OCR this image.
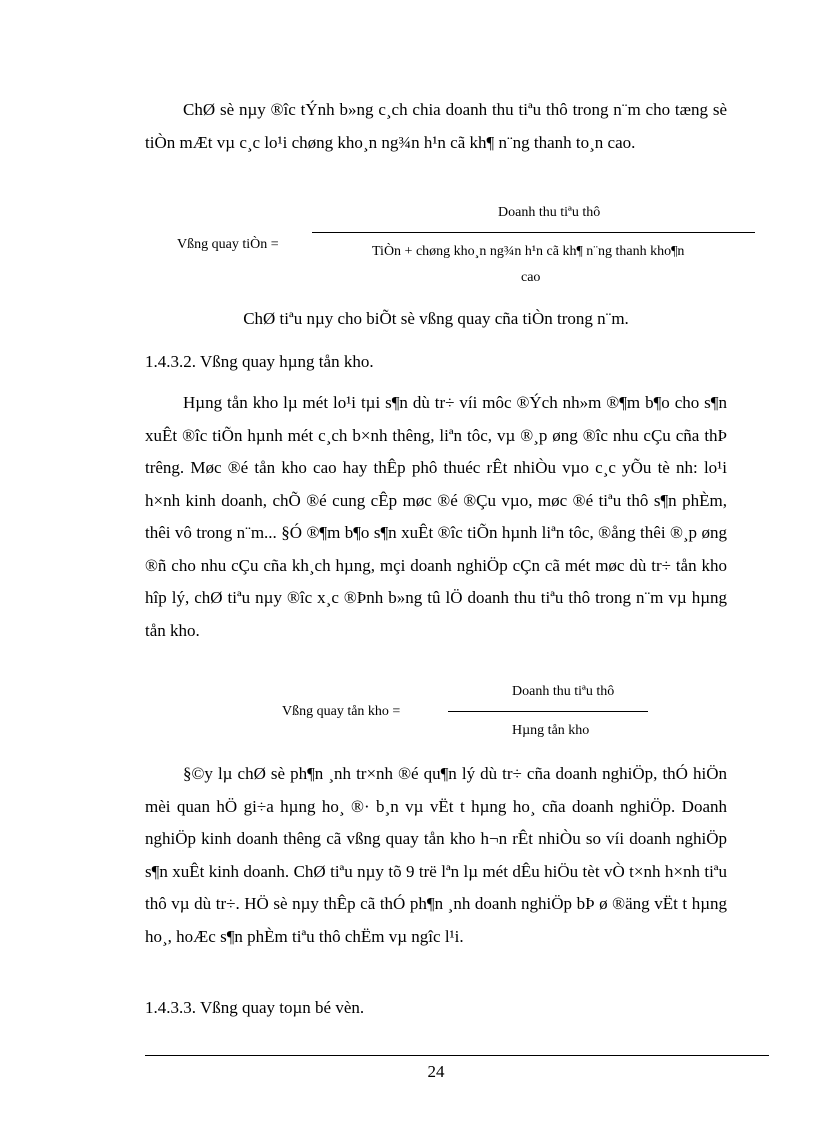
ChØ sè nµy ®îc tÝnh b»ng c¸ch chia doanh thu tiªu thô trong n¨m cho tæng sè tiÒn mÆt vµ c¸c lo¹i chøng kho¸n ng¾n h¹n cã kh¶ n¨ng thanh to¸n cao.

Doanh thu tiªu thô

Vßng quay tiÒn =	TiÒn + chøng kho¸n ng¾n h¹n cã kh¶ n¨ng thanh kho¶n

cao

ChØ tiªu nµy cho biÕt sè vßng quay cña tiÒn trong n¨m.

1.4.3.2. Vßng quay hµng tån kho.

Hµng tån kho lµ mét lo¹i tµi s¶n dù tr÷ víi môc ®Ých nh»m ®¶m b¶o cho s¶n xuÊt ®îc tiÕn hµnh mét c¸ch b×nh thêng, liªn tôc, vµ ®¸p øng ®îc nhu cÇu cña thÞ trêng. Møc ®é tån kho cao hay thÊp phô thuéc rÊt nhiÒu vµo c¸c yÕu tè nh: lo¹i h×nh kinh doanh, chÕ ®é cung cÊp møc ®é ®Çu vµo, møc ®é tiªu thô s¶n phÈm, thêi vô trong n¨m... §Ó ®¶m b¶o s¶n xuÊt ®îc tiÕn hµnh liªn tôc, ®ång thêi ®¸p øng ®ñ cho nhu cÇu cña kh¸ch hµng, mçi doanh nghiÖp cÇn cã mét møc dù tr÷ tån kho hîp lý, chØ tiªu nµy ®îc x¸c ®Þnh b»ng tû lÖ doanh thu tiªu thô trong n¨m vµ hµng tån kho.

Doanh thu tiªu thô

Vßng quay tån kho =

Hµng tån kho

§©y lµ chØ sè ph¶n ¸nh tr×nh ®é qu¶n lý dù tr÷ cña doanh nghiÖp, thÓ hiÖn mèi quan hÖ gi÷a hµng ho¸ ®· b¸n vµ vËt t hµng ho¸ cña doanh nghiÖp. Doanh nghiÖp kinh doanh thêng cã vßng quay tån kho h¬n rÊt nhiÒu so víi doanh nghiÖp s¶n xuÊt kinh doanh. ChØ tiªu nµy tõ 9 trë lªn lµ mét dÊu hiÖu tèt vÒ t×nh h×nh tiªu thô vµ dù tr÷. HÖ sè nµy thÊp cã thÓ ph¶n ¸nh doanh nghiÖp bÞ ø ®äng vËt t hµng ho¸, hoÆc s¶n phÈm tiªu thô chËm vµ ngîc l¹i.

1.4.3.3. Vßng quay toµn bé vèn.

24
